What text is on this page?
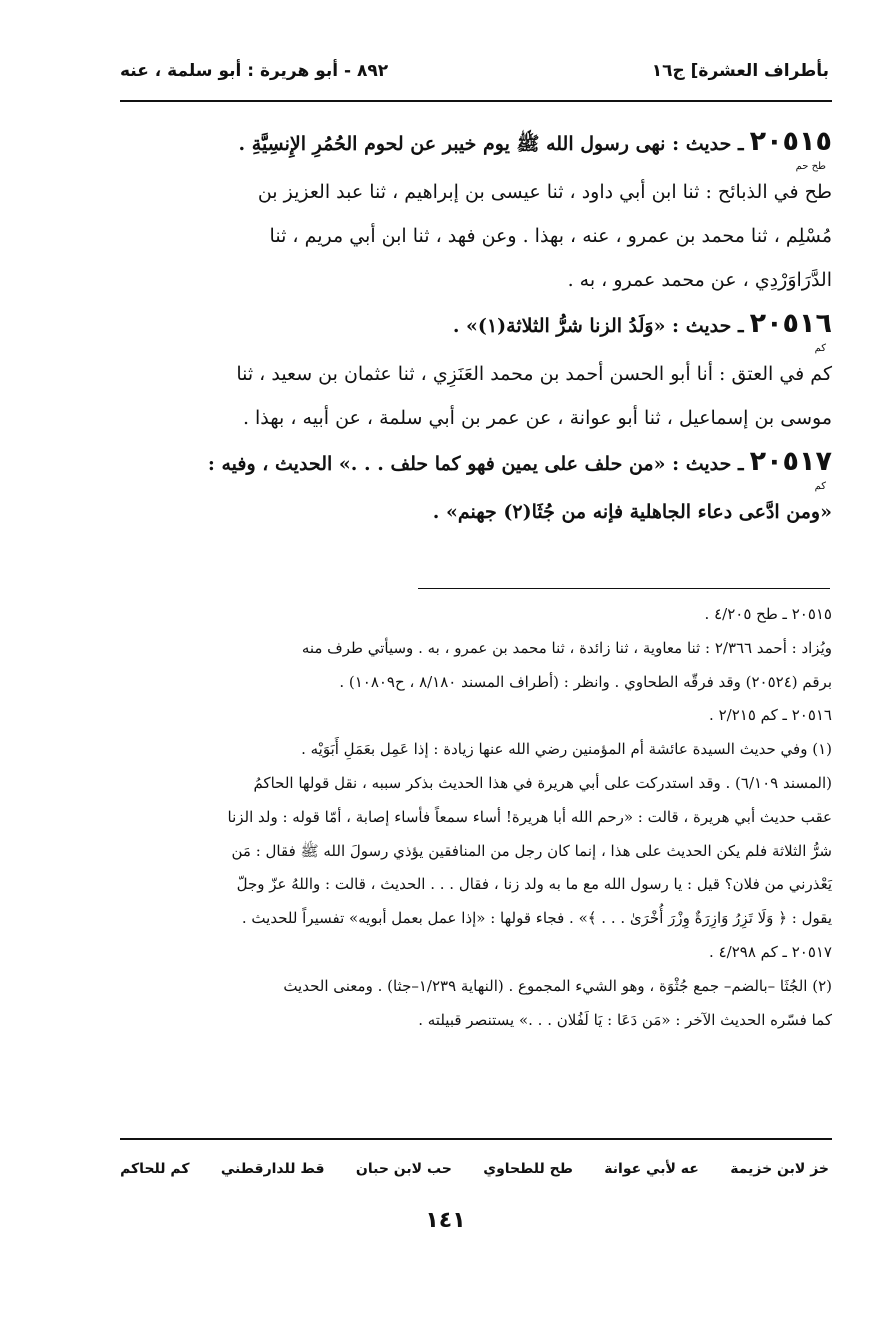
بأطراف العشرة] ج١٦
٨٩٢ - أبو هريرة : أبو سلمة ، عنه

٢٠٥١٥ ـ حديث : نهى رسول الله ﷺ يوم خيبر عن لحوم الحُمُرِ الإِنسِيَّةِ .

طح حم

طح في الذبائح : ثنا ابن أبي داود ، ثنا عيسى بن إبراهيم ، ثنا عبد العزيز بن

مُسْلِم ، ثنا محمد بن عمرو ، عنه ، بهذا . وعن فهد ، ثنا ابن أبي مريم ، ثنا

الدَّرَاوَرْدِي ، عن محمد عمرو ، به .

٢٠٥١٦ ـ حديث : «وَلَدُ الزنا شرُّ الثلاثة(١)» .

كم

كم في العتق : أنا أبو الحسن أحمد بن محمد العَنَزِي ، ثنا عثمان بن سعيد ، ثنا

موسى بن إسماعيل ، ثنا أبو عوانة ، عن عمر بن أبي سلمة ، عن أبيه ، بهذا .

٢٠٥١٧ ـ حديث : «من حلف على يمين فهو كما حلف . . .» الحديث ، وفيه :

كم

«ومن ادَّعى دعاء الجاهلية فإنه من جُثَا(٢) جهنم» .

٢٠٥١٥ ـ طح ٤/٢٠٥ .

ويُزاد : أحمد ٢/٣٦٦ : ثنا معاوية ، ثنا زائدة ، ثنا محمد بن عمرو ، به . وسيأتي طرف منه

برقم (٢٠٥٢٤) وقد فرقّه الطحاوي . وانظر : (أطراف المسند ٨/١٨٠ ، ح١٠٨٠٩) .

٢٠٥١٦ ـ كم ٢/٢١٥ .

(١) وفي حديث السيدة عائشة أم المؤمنين رضي الله عنها زيادة : إذا عَمِل بعَمَلِ أَبَوَيْه .

(المسند ٦/١٠٩) . وقد استدركت على أبي هريرة في هذا الحديث بذكر سببه ، نقل قولها الحاكمُ

عقب حديث أبي هريرة ، قالت : «رحم الله أبا هريرة! أساء سمعاً فأساء إصابة ، أمّا قوله : ولد الزنا

شرُّ الثلاثة فلم يكن الحديث على هذا ، إنما كان رجل من المنافقين يؤذي رسولَ الله ﷺ فقال : مَن

يَعْذرني من فلان؟ قيل : يا رسول الله مع ما به ولد زنا ، فقال . . . الحديث ، قالت : واللهُ عزّ وجلّ

يقول : ﴿ وَلَا تَزِرُ وَازِرَةٌ وِزْرَ أُخْرَىٰ . . . ﴾» . فجاء قولها : «إذا عمل بعمل أبويه» تفسيراً للحديث .

٢٠٥١٧ ـ كم ٤/٢٩٨ .

(٢) الجُثَا –بالضم– جمع جُثْوَة ، وهو الشيء المجموع . (النهاية ١/٢٣٩–جثا) . ومعنى الحديث

كما فسّره الحديث الآخر : «مَن دَعَا : يَا لَفُلان . . .» يستنصر قبيلته .

خز لابن خزيمة
عه لأبي عوانة
طح للطحاوي
حب لابن حبان
قط للدارقطني
كم للحاكم
١٤١
